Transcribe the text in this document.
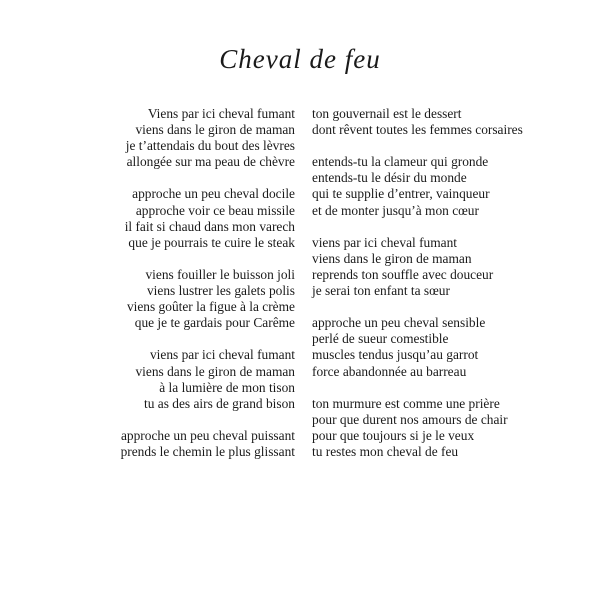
Cheval de feu
Viens par ici cheval fumant
viens dans le giron de maman
je t’attendais du bout des lèvres
allongée sur ma peau de chèvre
approche un peu cheval docile
approche voir ce beau missile
il fait si chaud dans mon varech
que je pourrais te cuire le steak
viens fouiller le buisson joli
viens lustrer les galets polis
viens goûter la figue à la crème
que je te gardais pour Carême
viens par ici cheval fumant
viens dans le giron de maman
à la lumière de mon tison
tu as des airs de grand bison
approche un peu cheval puissant
prends le chemin le plus glissant
ton gouvernail est le dessert
dont rêvent toutes les femmes corsaires
entends-tu la clameur qui gronde
entends-tu le désir du monde
qui te supplie d’entrer, vainqueur
et de monter jusqu’à mon cœur
viens par ici cheval fumant
viens dans le giron de maman
reprends ton souffle avec douceur
je serai ton enfant ta sœur
approche un peu cheval sensible
perlé de sueur comestible
muscles tendus jusqu’au garrot
force abandonnée au barreau
ton murmure est comme une prière
pour que durent nos amours de chair
pour que toujours si je le veux
tu restes mon cheval de feu
